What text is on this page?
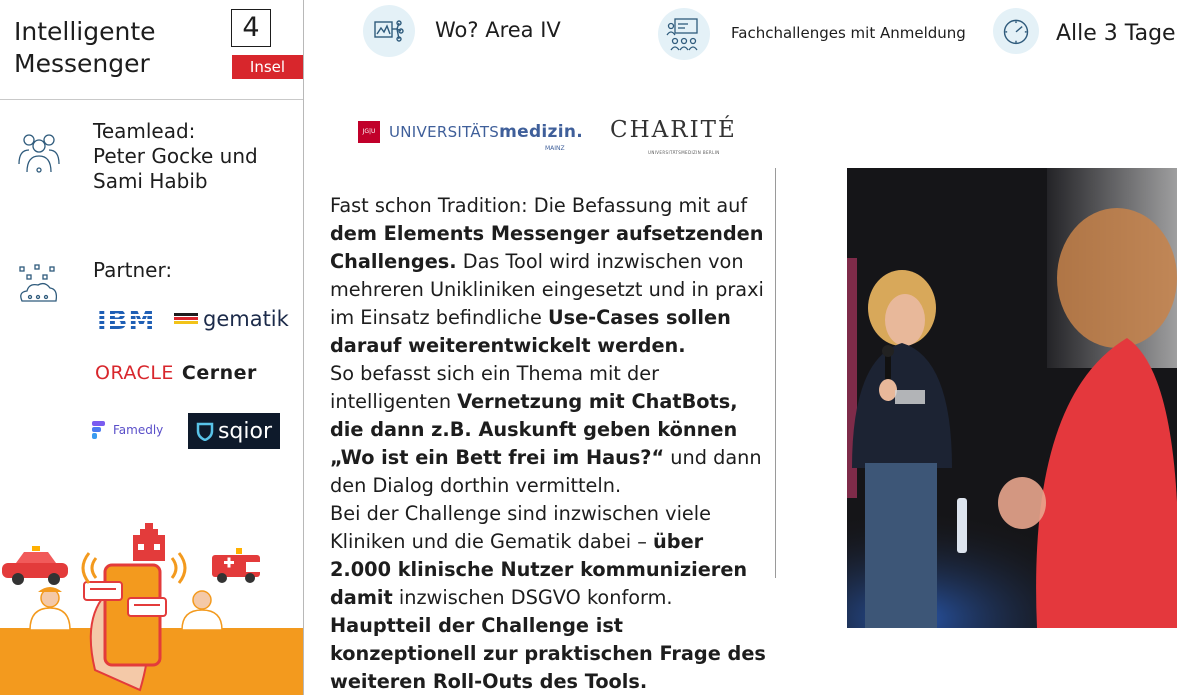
Intelligente
Messenger
4
Insel
Wo? Area IV	Fachchallenges mit Anmeldung	Alle 3 Tage
Teamlead:
Peter Gocke und
Sami Habib
Partner:
IBM gematik
ORACLE Cerner
Famedly sqior
JG|U UNIVERSITÄTSmedizin.
MAINZ
CHARITÉ
UNIVERSITÄTSMEDIZIN BERLIN
Fast schon Tradition: Die Befassung mit auf dem Elements Messenger aufsetzenden Challenges. Das Tool wird inzwischen von mehreren Unikliniken eingesetzt und in praxi im Einsatz befindliche Use-Cases sollen darauf weiterentwickelt werden.
So befasst sich ein Thema mit der intelligenten Vernetzung mit ChatBots, die dann z.B. Auskunft geben können „Wo ist ein Bett frei im Haus?“ und dann den Dialog dorthin vermitteln.
Bei der Challenge sind inzwischen viele Kliniken und die Gematik dabei – über 2.000 klinische Nutzer kommunizieren damit inzwischen DSGVO konform. Hauptteil der Challenge ist konzeptionell zur praktischen Frage des weiteren Roll-Outs des Tools.
